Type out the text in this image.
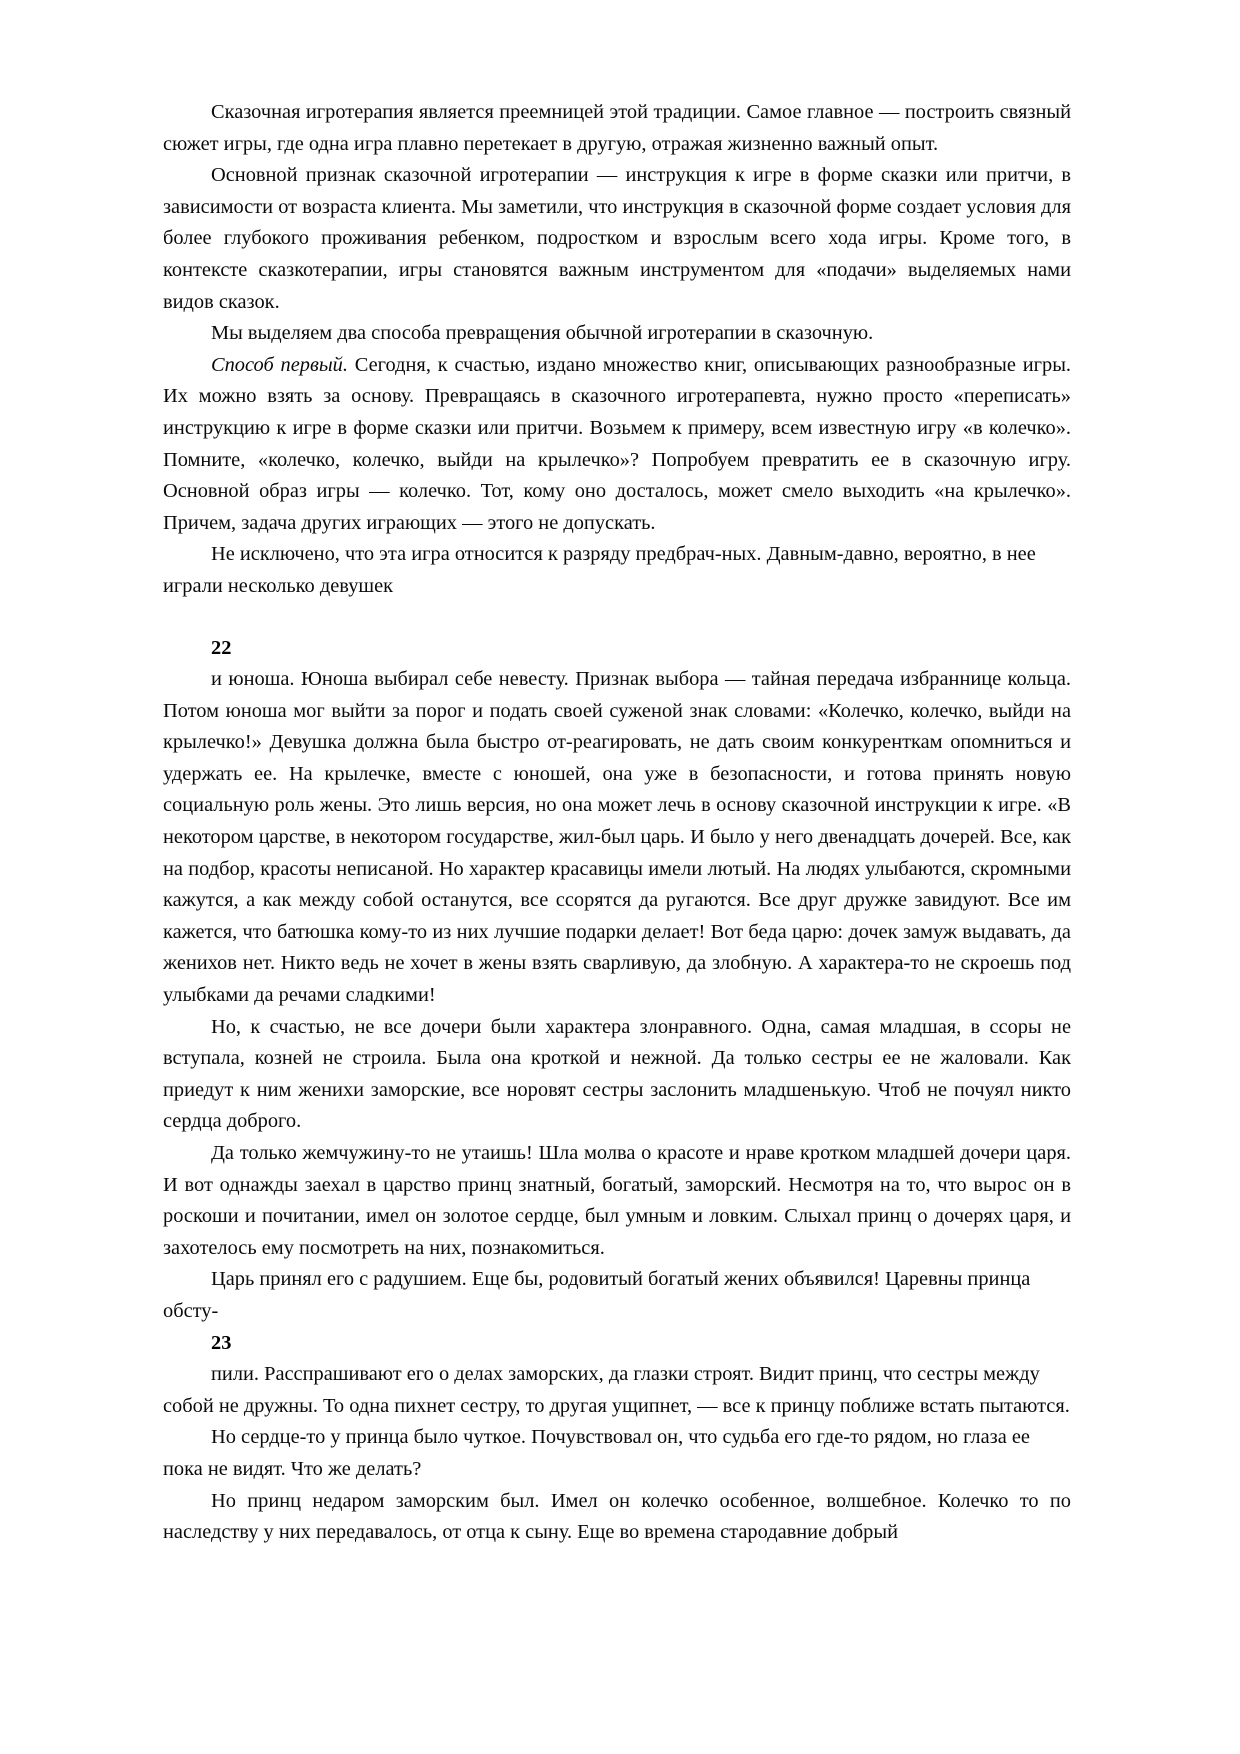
Сказочная игротерапия является преемницей этой традиции. Самое главное — построить связный сюжет игры, где одна игра плавно перетекает в другую, отражая жизненно важный опыт.

Основной признак сказочной игротерапии — инструкция к игре в форме сказки или притчи, в зависимости от возраста клиента. Мы заметили, что инструкция в сказочной форме создает условия для более глубокого проживания ребенком, подростком и взрослым всего хода игры. Кроме того, в контексте сказкотерапии, игры становятся важным инструментом для «подачи» выделяемых нами видов сказок.

Мы выделяем два способа превращения обычной игротерапии в сказочную.

Способ первый. Сегодня, к счастью, издано множество книг, описывающих разнообразные игры. Их можно взять за основу. Превращаясь в сказочного игротерапевта, нужно просто «переписать» инструкцию к игре в форме сказки или притчи. Возьмем к примеру, всем известную игру «в колечко». Помните, «колечко, колечко, выйди на крылечко»? Попробуем превратить ее в сказочную игру. Основной образ игры — колечко. Тот, кому оно досталось, может смело выходить «на крылечко». Причем, задача других играющих — этого не допускать.

Не исключено, что эта игра относится к разряду предбрач-ных. Давным-давно, вероятно, в нее играли несколько девушек

22

и юноша. Юноша выбирал себе невесту. Признак выбора — тайная передача избраннице кольца. Потом юноша мог выйти за порог и подать своей суженой знак словами: «Колечко, колечко, выйди на крылечко!» Девушка должна была быстро от-реагировать, не дать своим конкуренткам опомниться и удержать ее. На крылечке, вместе с юношей, она уже в безопасности, и готова принять новую социальную роль жены. Это лишь версия, но она может лечь в основу сказочной инструкции к игре. «В некотором царстве, в некотором государстве, жил-был царь. И было у него двенадцать дочерей. Все, как на подбор, красоты неписаной. Но характер красавицы имели лютый. На людях улыбаются, скромными кажутся, а как между собой останутся, все ссорятся да ругаются. Все друг дружке завидуют. Все им кажется, что батюшка кому-то из них лучшие подарки делает! Вот беда царю: дочек замуж выдавать, да женихов нет. Никто ведь не хочет в жены взять сварливую, да злобную. А характера-то не скроешь под улыбками да речами сладкими!

Но, к счастью, не все дочери были характера злонравного. Одна, самая младшая, в ссоры не вступала, козней не строила. Была она кроткой и нежной. Да только сестры ее не жаловали. Как приедут к ним женихи заморские, все норовят сестры заслонить младшенькую. Чтоб не почуял никто сердца доброго.

Да только жемчужину-то не утаишь! Шла молва о красоте и нраве кротком младшей дочери царя. И вот однажды заехал в царство принц знатный, богатый, заморский. Несмотря на то, что вырос он в роскоши и почитании, имел он золотое сердце, был умным и ловким. Слыхал принц о дочерях царя, и захотелось ему посмотреть на них, познакомиться.

Царь принял его с радушием. Еще бы, родовитый богатый жених объявился! Царевны принца обсту-

23

пили. Расспрашивают его о делах заморских, да глазки строят. Видит принц, что сестры между собой не дружны. То одна пихнет сестру, то другая ущипнет, — все к принцу поближе встать пытаются.

Но сердце-то у принца было чуткое. Почувствовал он, что судьба его где-то рядом, но глаза ее пока не видят. Что же делать?

Но принц недаром заморским был. Имел он колечко особенное, волшебное. Колечко то по наследству у них передавалось, от отца к сыну. Еще во времена стародавние добрый
